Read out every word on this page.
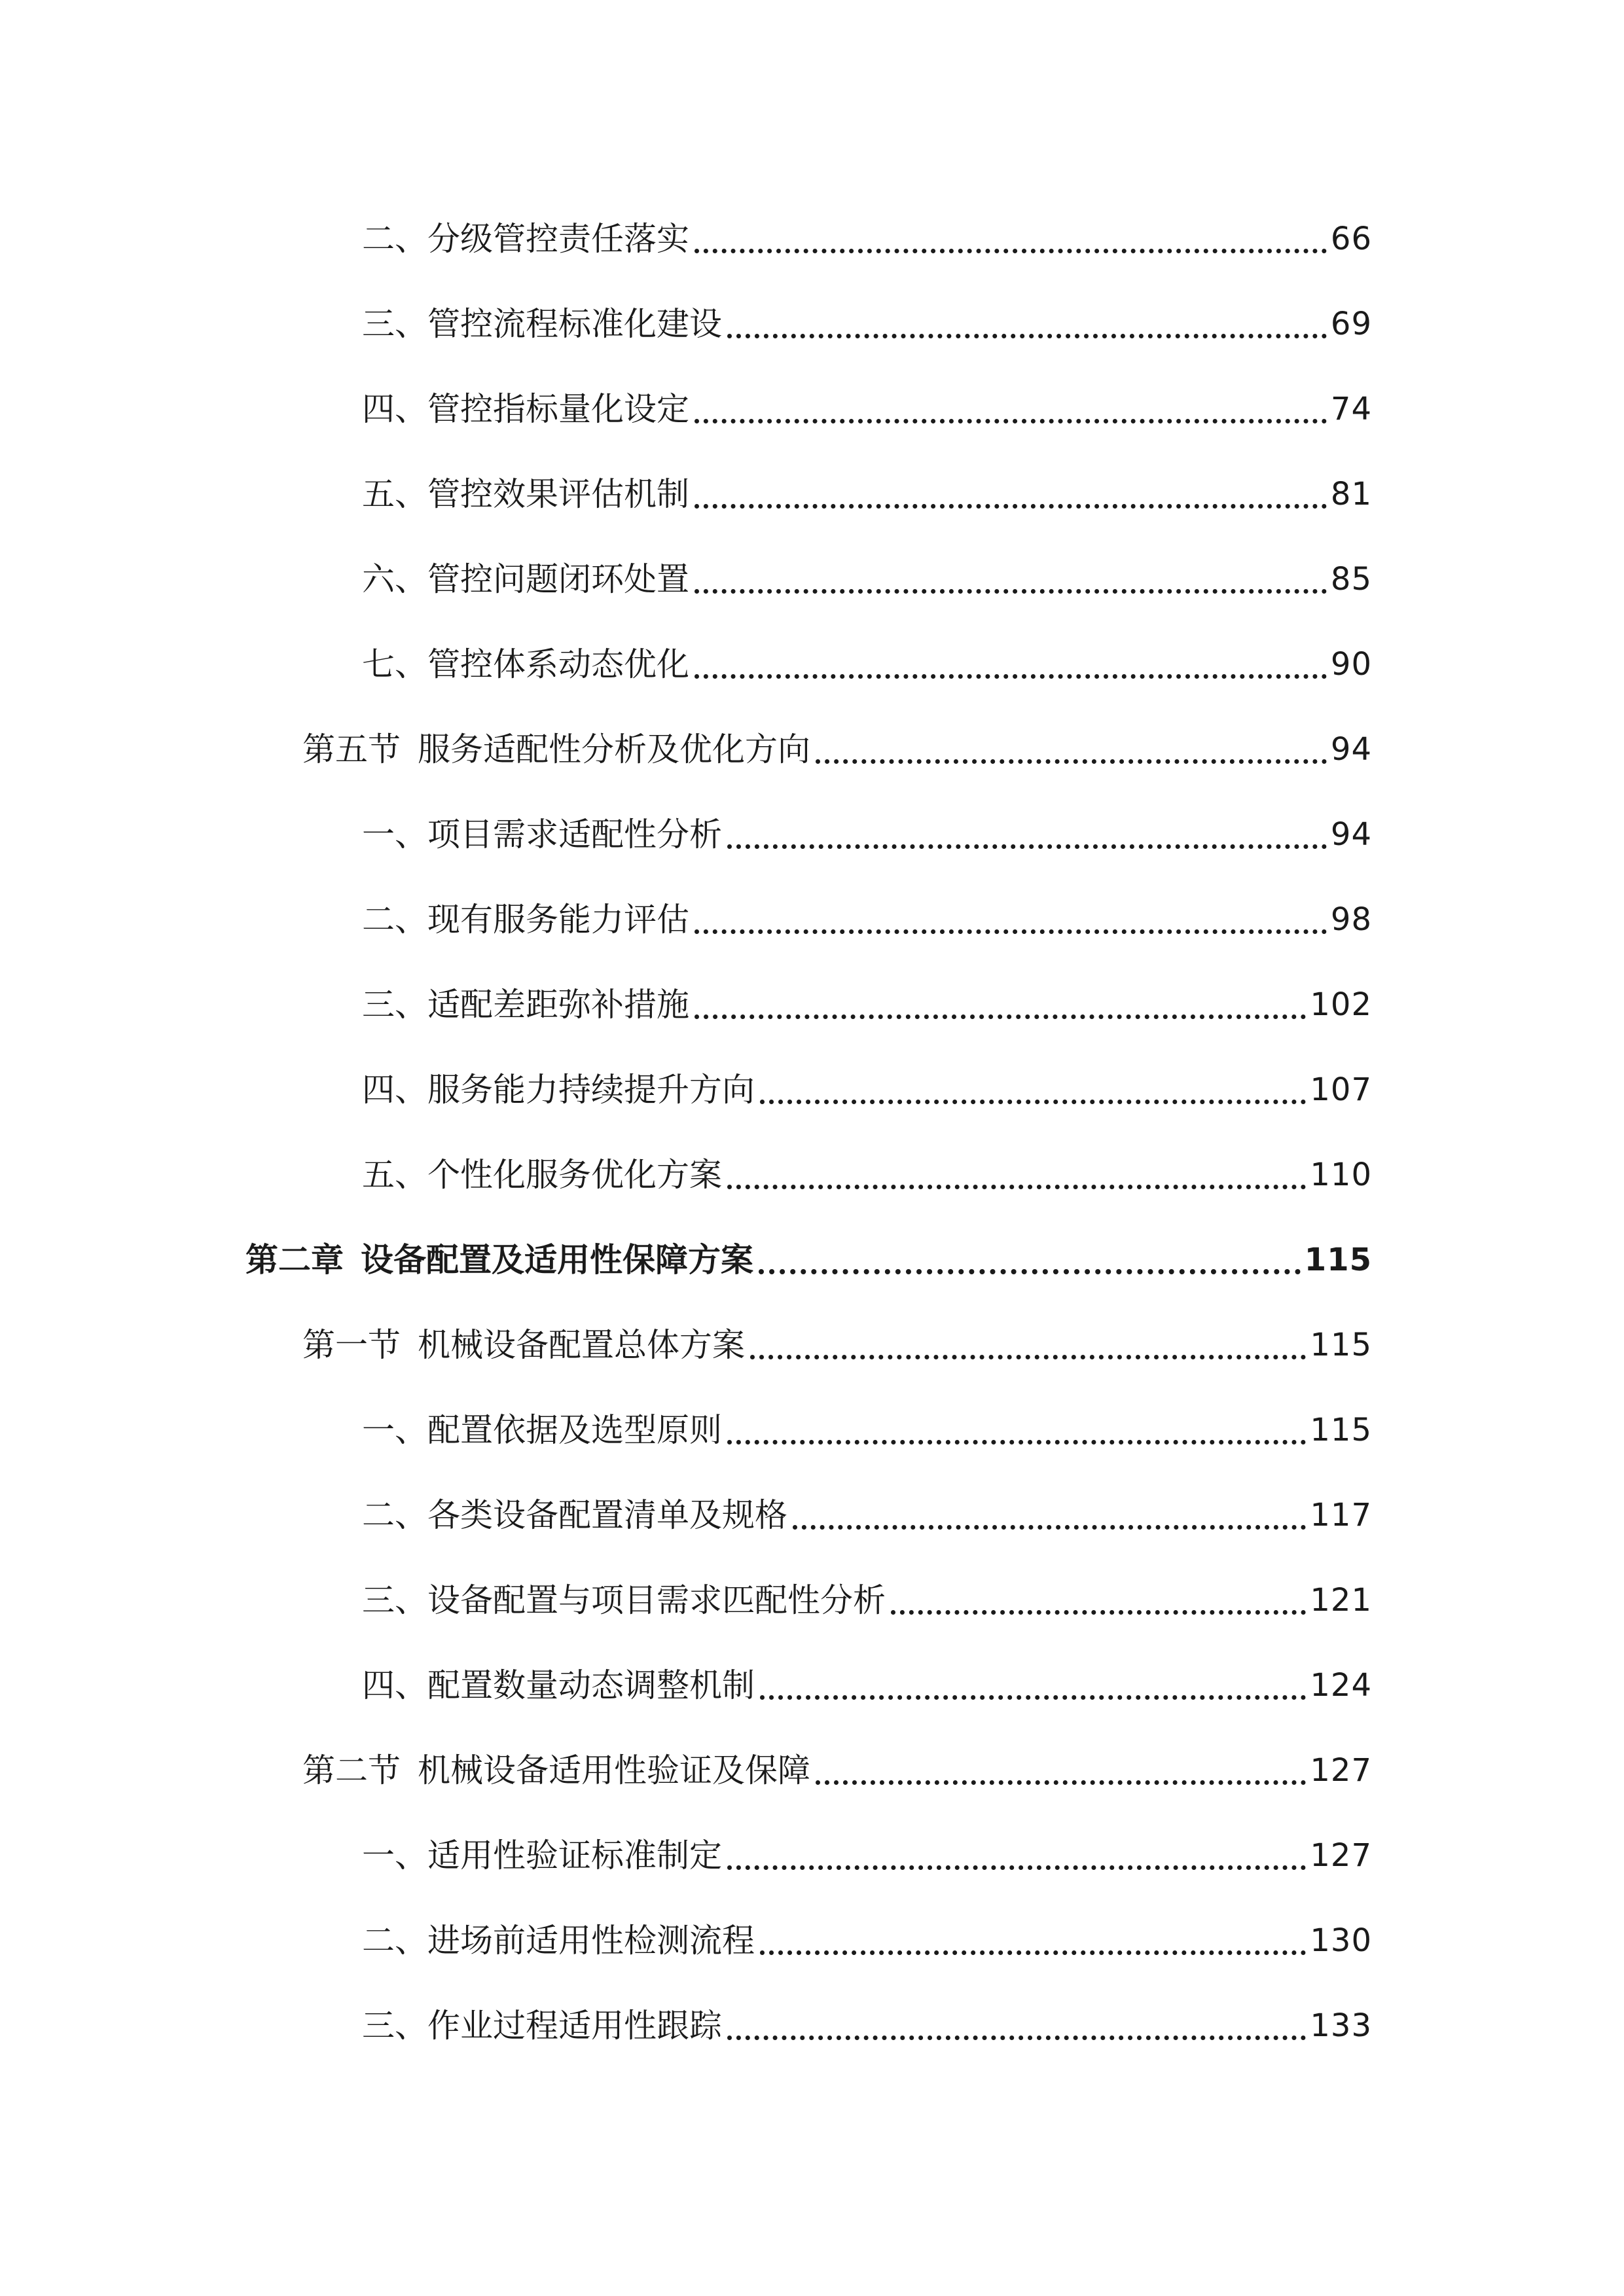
二、分级管控责任落实	66
三、管控流程标准化建设	69
四、管控指标量化设定	74
五、管控效果评估机制	81
六、管控问题闭环处置	85
七、管控体系动态优化	90
第五节 服务适配性分析及优化方向	94
一、项目需求适配性分析	94
二、现有服务能力评估	98
三、适配差距弥补措施	102
四、服务能力持续提升方向	107
五、个性化服务优化方案	110
第二章 设备配置及适用性保障方案	115
第一节 机械设备配置总体方案	115
一、配置依据及选型原则	115
二、各类设备配置清单及规格	117
三、设备配置与项目需求匹配性分析	121
四、配置数量动态调整机制	124
第二节 机械设备适用性验证及保障	127
一、适用性验证标准制定	127
二、进场前适用性检测流程	130
三、作业过程适用性跟踪	133
